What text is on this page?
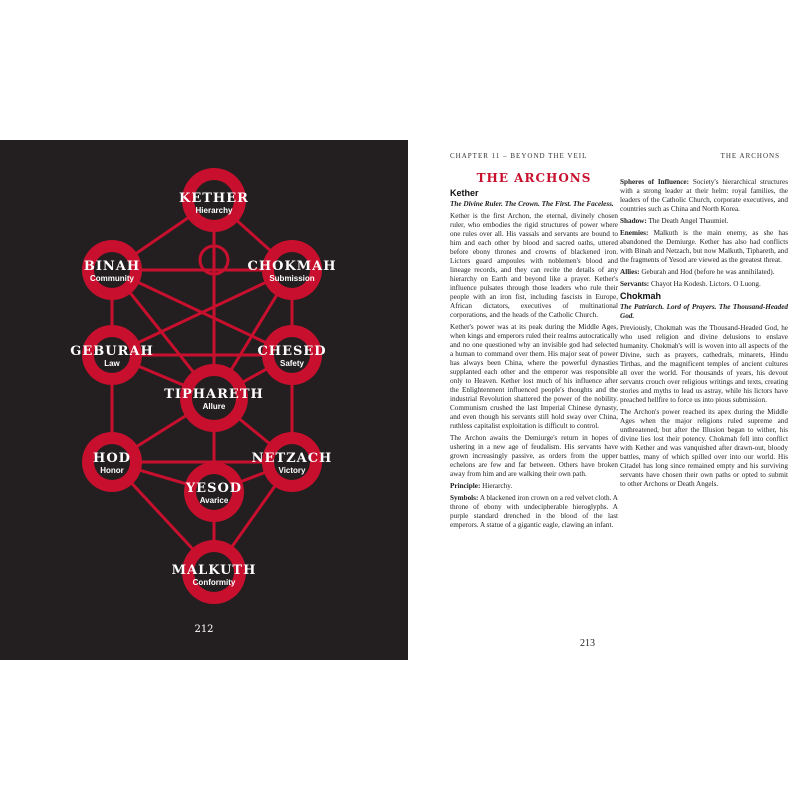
KETHER
Hierarchy
BINAH
Community
CHOKMAH
Submission
GEBURAH
Law
CHESED
Safety
TIPHARETH
Allure
HOD
Honor
NETZACH
Victory
YESOD
Avarice
MALKUTH
Conformity
212
CHAPTER 11 – BEYOND THE VEIL	THE ARCHONS
THE ARCHONS
Kether

The Divine Ruler. The Crown. The First. The Faceless.

Kether is the first Archon, the eternal, divinely chosen ruler, who embodies the rigid structures of power where one rules over all. His vassals and servants are bound to him and each other by blood and sacred oaths, uttered before ebony thrones and crowns of blackened iron. Lictors guard ampoules with noblemen's blood and lineage records, and they can recite the details of any hierarchy on Earth and beyond like a prayer. Kether's influence pulsates through those leaders who rule their people with an iron fist, including fascists in Europe, African dictators, executives of multinational corporations, and the heads of the Catholic Church.

Kether's power was at its peak during the Middle Ages, when kings and emperors ruled their realms autocratically and no one questioned why an invisible god had selected a human to command over them. His major seat of power has always been China, where the powerful dynasties supplanted each other and the emperor was responsible only to Heaven. Kether lost much of his influence after the Enlightenment influenced people's thoughts and the industrial Revolution shattered the power of the nobility. Communism crushed the last Imperial Chinese dynasty, and even though his servants still hold sway over China, ruthless capitalist exploitation is difficult to control.

The Archon awaits the Demiurge's return in hopes of ushering in a new age of feudalism. His servants have grown increasingly passive, as orders from the upper echelons are few and far between. Others have broken away from him and are walking their own path.

Principle: Hierarchy.

Symbols: A blackened iron crown on a red velvet cloth. A throne of ebony with undecipherable hieroglyphs. A purple standard drenched in the blood of the last emperors. A statue of a gigantic eagle, clawing an infant.

Spheres of Influence: Society's hierarchical structures with a strong leader at their helm: royal families, the leaders of the Catholic Church, corporate executives, and countries such as China and North Korea.

Shadow: The Death Angel Thaumiel.

Enemies: Malkuth is the main enemy, as she has abandoned the Demiurge. Kether has also had conflicts with Binah and Netzach, but now Malkuth, Tiphareth, and the fragments of Yesod are viewed as the greatest threat.

Allies: Geburah and Hod (before he was annihilated).

Servants: Chayot Ha Kodesh. Lictors. O Luong.

Chokmah

The Patriarch. Lord of Prayers. The Thousand-Headed God.

Previously, Chokmah was the Thousand-Headed God, he who used religion and divine delusions to enslave humanity. Chokmah's will is woven into all aspects of the Divine, such as prayers, cathedrals, minarets, Hindu Tirthas, and the magnificent temples of ancient cultures all over the world. For thousands of years, his devout servants crouch over religious writings and texts, creating stories and myths to lead us astray, while his lictors have preached hellfire to force us into pious submission.

The Archon's power reached its apex during the Middle Ages when the major religions ruled supreme and unthreatened, but after the Illusion began to wither, his divine lies lost their potency. Chokmah fell into conflict with Kether and was vanquished after drawn-out, bloody battles, many of which spilled over into our world. His Citadel has long since remained empty and his surviving servants have chosen their own paths or opted to submit to other Archons or Death Angels.

213
